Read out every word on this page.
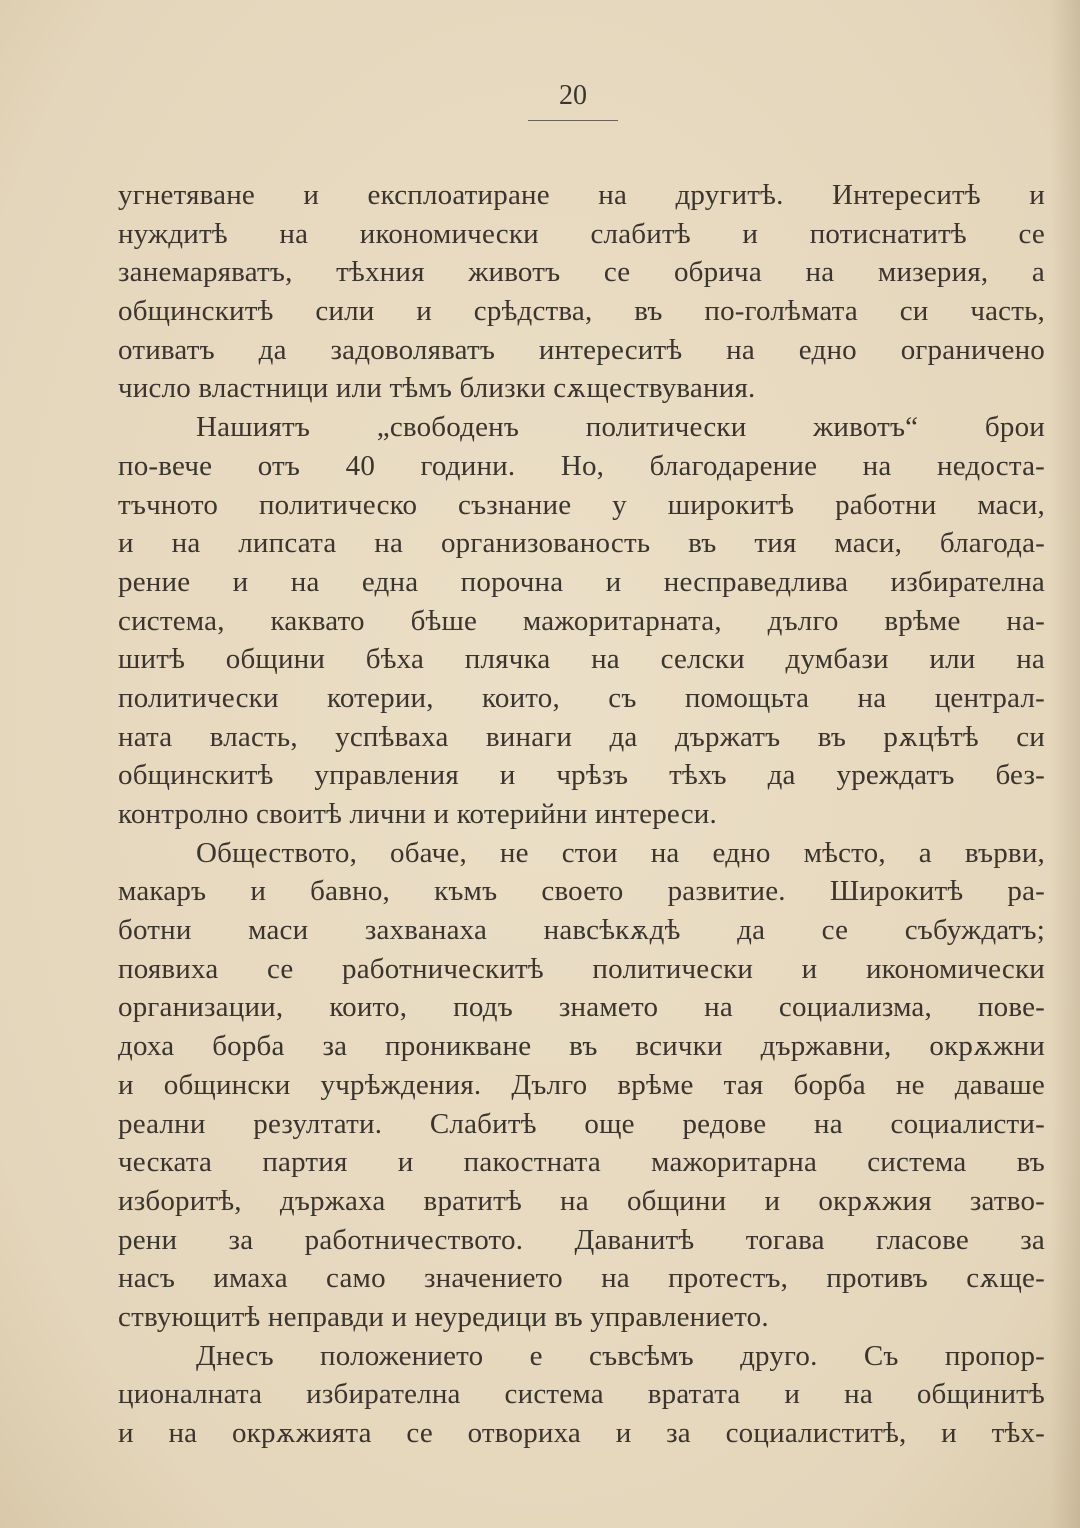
20
угнетяване и експлоатиране на другитѣ. Интереситѣ и
нуждитѣ на икономически слабитѣ и потиснатитѣ се
занемаряватъ, тѣхния животъ се обрича на мизерия, а
общинскитѣ сили и срѣдства, въ по-голѣмата си часть,
отиватъ да задоволяватъ интереситѣ на едно ограничено
число властници или тѣмъ близки сѫществувания.
Нашиятъ „свободенъ политически животъ“ брои
по-вече отъ 40 години. Но, благодарение на недоста-
тъчното политическо съзнание у широкитѣ работни маси,
и на липсата на организованость въ тия маси, благода-
рение и на една порочна и несправедлива избирателна
система, каквато бѣше мажоритарната, дълго врѣме на-
шитѣ общини бѣха плячка на селски думбази или на
политически котерии, които, съ помощьта на централ-
ната власть, успѣваха винаги да държатъ въ рѫцѣтѣ си
общинскитѣ управления и чрѣзъ тѣхъ да уреждатъ без-
контролно своитѣ лични и котерийни интереси.
Обществото, обаче, не стои на едно мѣсто, а върви,
макаръ и бавно, къмъ своето развитие. Широкитѣ ра-
ботни маси захванаха навсѣкѫдѣ да се събуждатъ;
появиха се работническитѣ политически и икономически
организации, които, подъ знамето на социализма, пове-
доха борба за проникване въ всички държавни, окрѫжни
и общински учрѣждения. Дълго врѣме тая борба не даваше
реални резултати. Слабитѣ още редове на социалисти-
ческата партия и пакостната мажоритарна система въ
изборитѣ, държаха вратитѣ на общини и окрѫжия затво-
рени за работничеството. Даванитѣ тогава гласове за
насъ имаха само значението на протестъ, противъ сѫще-
ствующитѣ неправди и неуредици въ управлението.
Днесъ положението е съвсѣмъ друго. Съ пропор-
ционалната избирателна система вратата и на общинитѣ
и на окрѫжията се отвориха и за социалиститѣ, и тѣх-
